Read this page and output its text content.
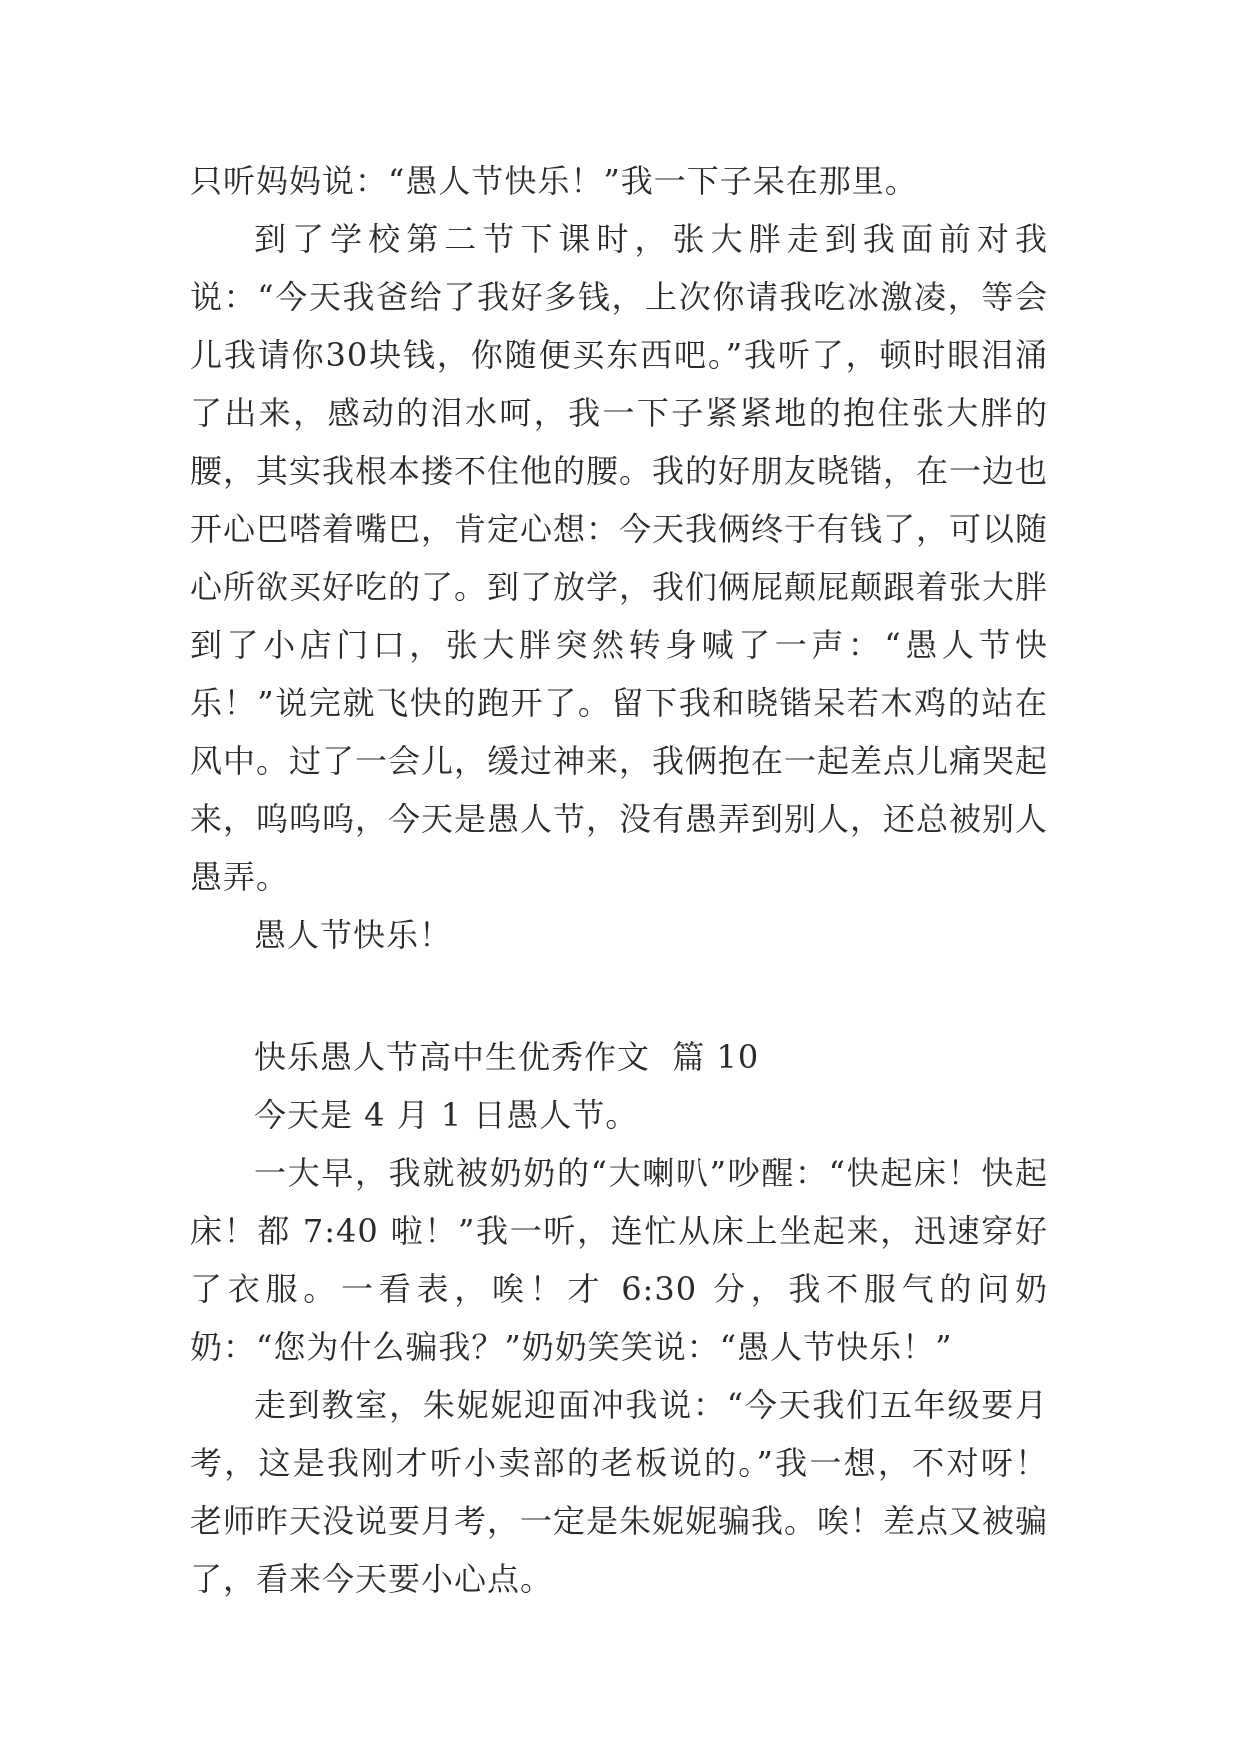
只听妈妈说：“愚人节快乐！”我一下子呆在那里。

到了学校第二节下课时，张大胖走到我面前对我说：“今天我爸给了我好多钱，上次你请我吃冰激凌，等会儿我请你30块钱，你随便买东西吧。”我听了，顿时眼泪涌了出来，感动的泪水呵，我一下子紧紧地的抱住张大胖的腰，其实我根本搂不住他的腰。我的好朋友晓锴，在一边也开心巴嗒着嘴巴，肯定心想：今天我俩终于有钱了，可以随心所欲买好吃的了。到了放学，我们俩屁颠屁颠跟着张大胖到了小店门口，张大胖突然转身喊了一声：“愚人节快乐！”说完就飞快的跑开了。留下我和晓锴呆若木鸡的站在风中。过了一会儿，缓过神来，我俩抱在一起差点儿痛哭起来，呜呜呜，今天是愚人节，没有愚弄到别人，还总被别人愚弄。

愚人节快乐！

快乐愚人节高中生优秀作文  篇 10

今天是 4 月 1 日愚人节。

一大早，我就被奶奶的“大喇叭”吵醒：“快起床！快起床！都 7:40 啦！”我一听，连忙从床上坐起来，迅速穿好了衣服。一看表，唉！才 6:30 分，我不服气的问奶奶：“您为什么骗我？”奶奶笑笑说：“愚人节快乐！”

走到教室，朱妮妮迎面冲我说：“今天我们五年级要月考，这是我刚才听小卖部的老板说的。”我一想，不对呀！老师昨天没说要月考，一定是朱妮妮骗我。唉！差点又被骗了，看来今天要小心点。
